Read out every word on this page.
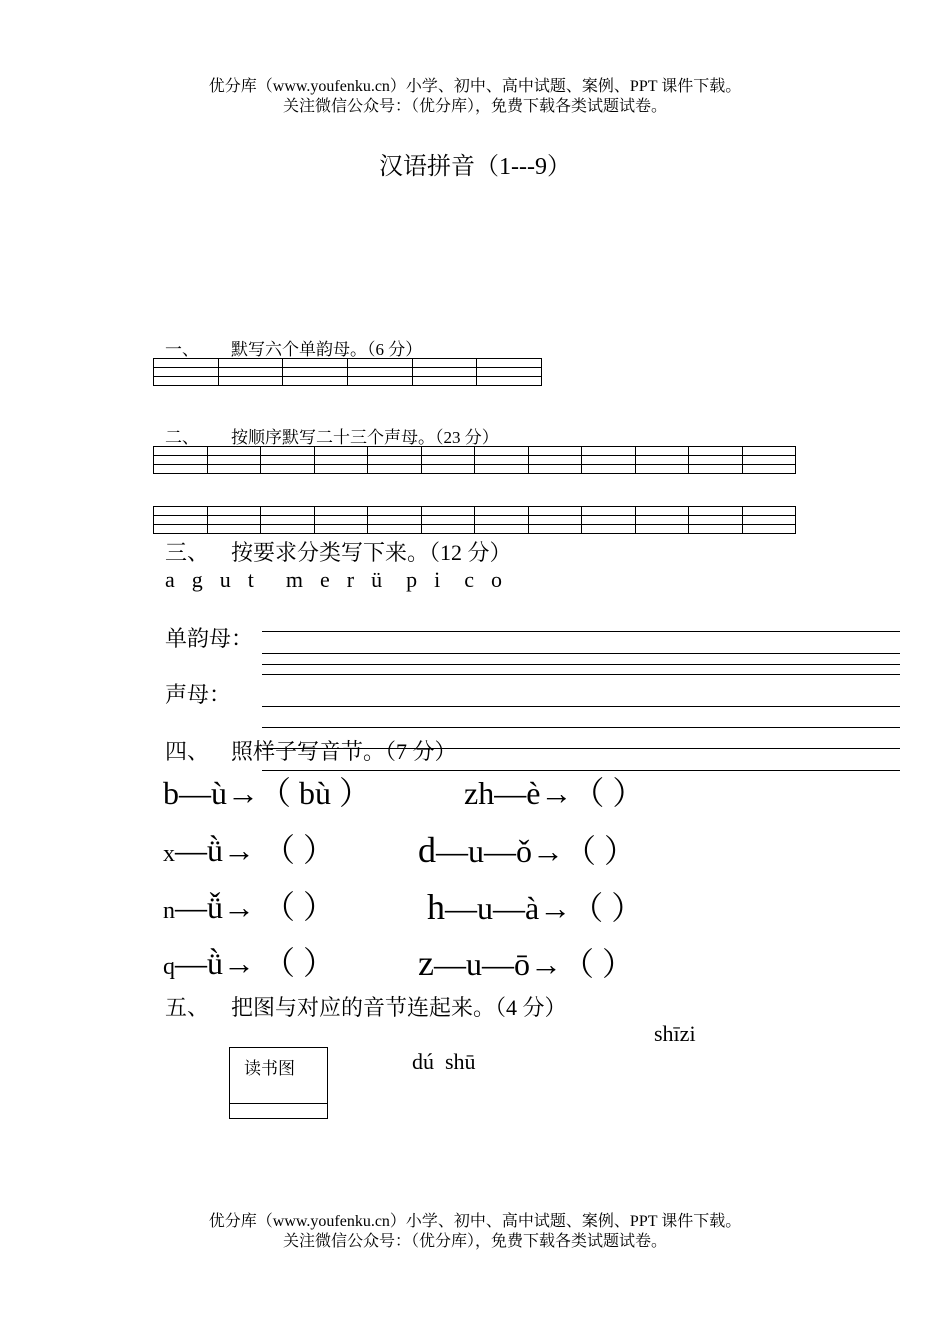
优分库（www.youfenku.cn）小学、初中、高中试题、案例、PPT 课件下载。
关注微信公众号：（优分库），免费下载各类试题试卷。
汉语拼音（1---9）
一、 默写六个单韵母。（6 分）

二、 按顺序默写二十三个声母。（23 分）

三、 按要求分类写下来。（12 分）
a g u t m e r ü p i c o
单韵母：
声母：
四、 照样子写音节。（7 分）
b—ù→（ bù ）	zh—è→（ ）
x—ǜ→ （ ） d—u—ǒ→（ ）
n—ǚ→ （ ）	h—u—à→（ ）
q—ǜ→ （ ） z—u—ō→（ ）
五、 把图与对应的音节连起来。（4 分）
shīzi
dú  shū
读书图
优分库（www.youfenku.cn）小学、初中、高中试题、案例、PPT 课件下载。
关注微信公众号：（优分库），免费下载各类试题试卷。
